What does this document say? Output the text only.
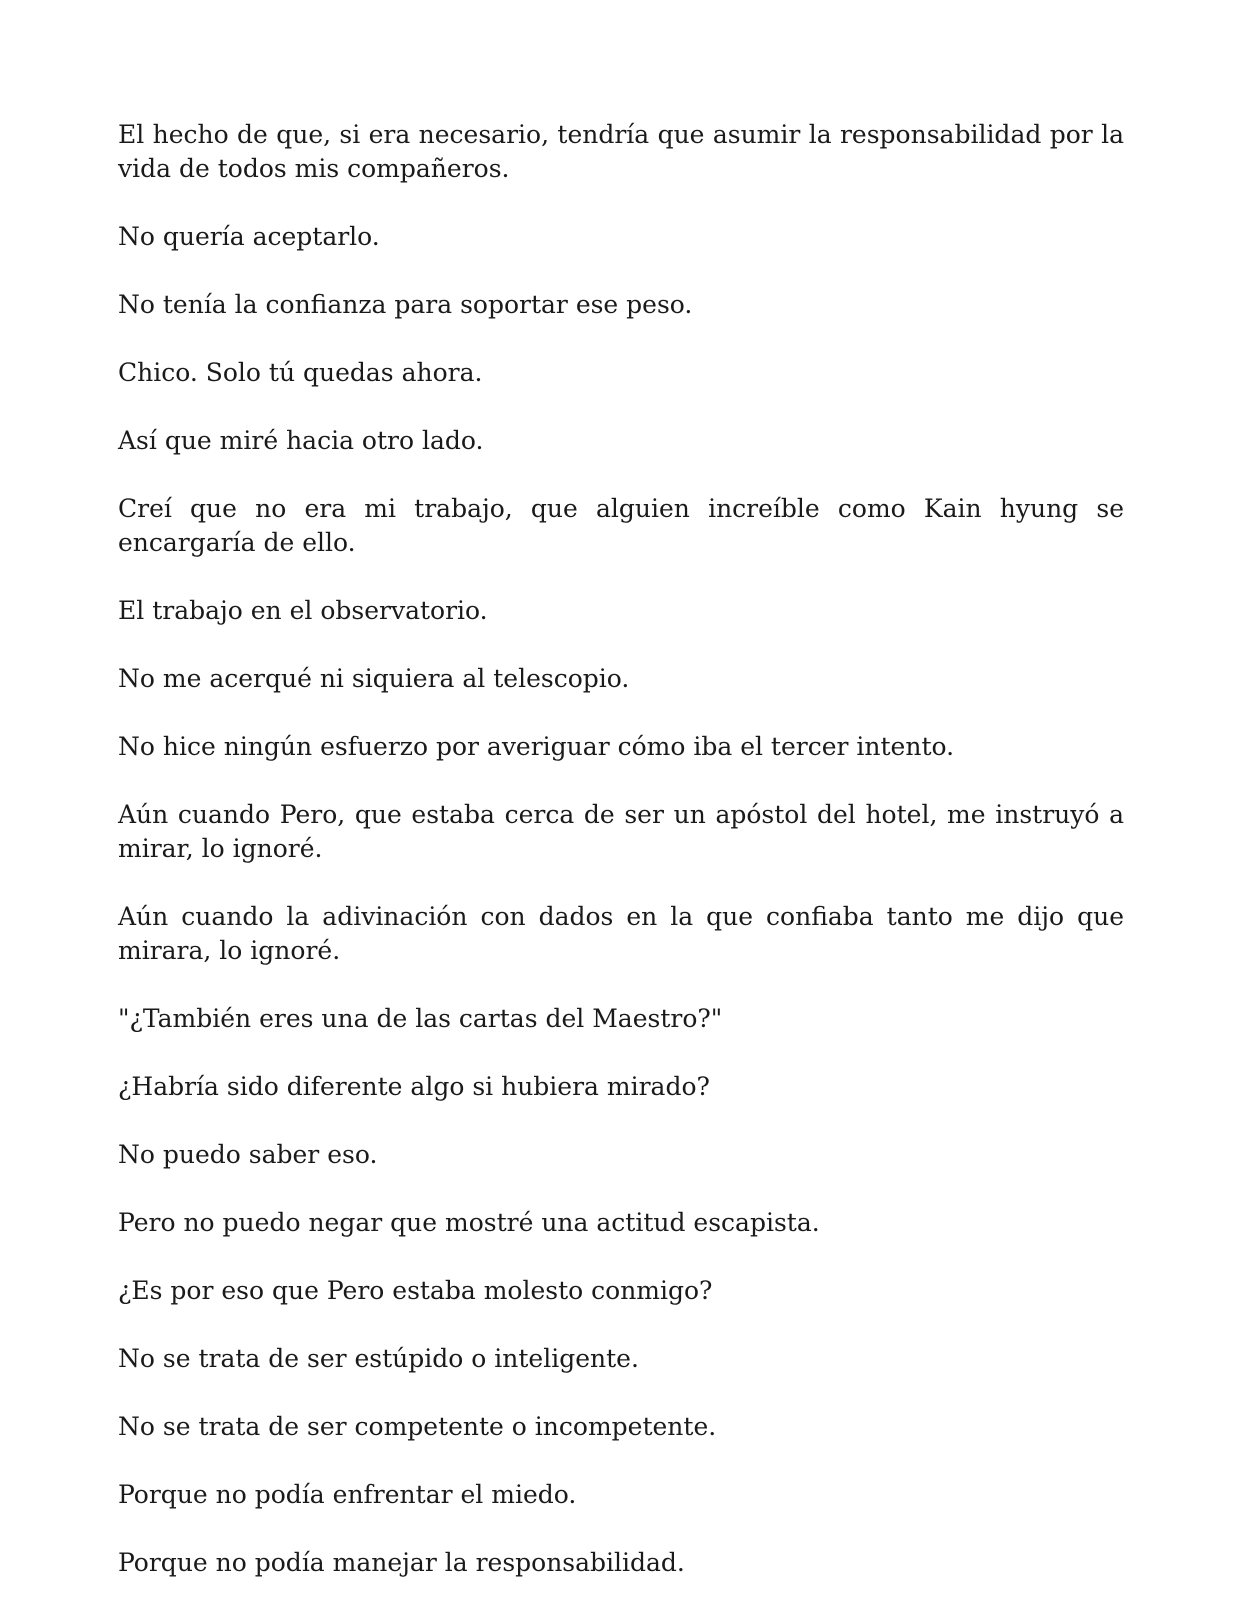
El hecho de que, si era necesario, tendría que asumir la responsabilidad por la vida de todos mis compañeros.

No quería aceptarlo.

No tenía la confianza para soportar ese peso.

Chico. Solo tú quedas ahora.

Así que miré hacia otro lado.

Creí que no era mi trabajo, que alguien increíble como Kain hyung se encargaría de ello.

El trabajo en el observatorio.

No me acerqué ni siquiera al telescopio.

No hice ningún esfuerzo por averiguar cómo iba el tercer intento.

Aún cuando Pero, que estaba cerca de ser un apóstol del hotel, me instruyó a mirar, lo ignoré.

Aún cuando la adivinación con dados en la que confiaba tanto me dijo que mirara, lo ignoré.

"¿También eres una de las cartas del Maestro?"

¿Habría sido diferente algo si hubiera mirado?

No puedo saber eso.

Pero no puedo negar que mostré una actitud escapista.

¿Es por eso que Pero estaba molesto conmigo?

No se trata de ser estúpido o inteligente.

No se trata de ser competente o incompetente.

Porque no podía enfrentar el miedo.

Porque no podía manejar la responsabilidad.
